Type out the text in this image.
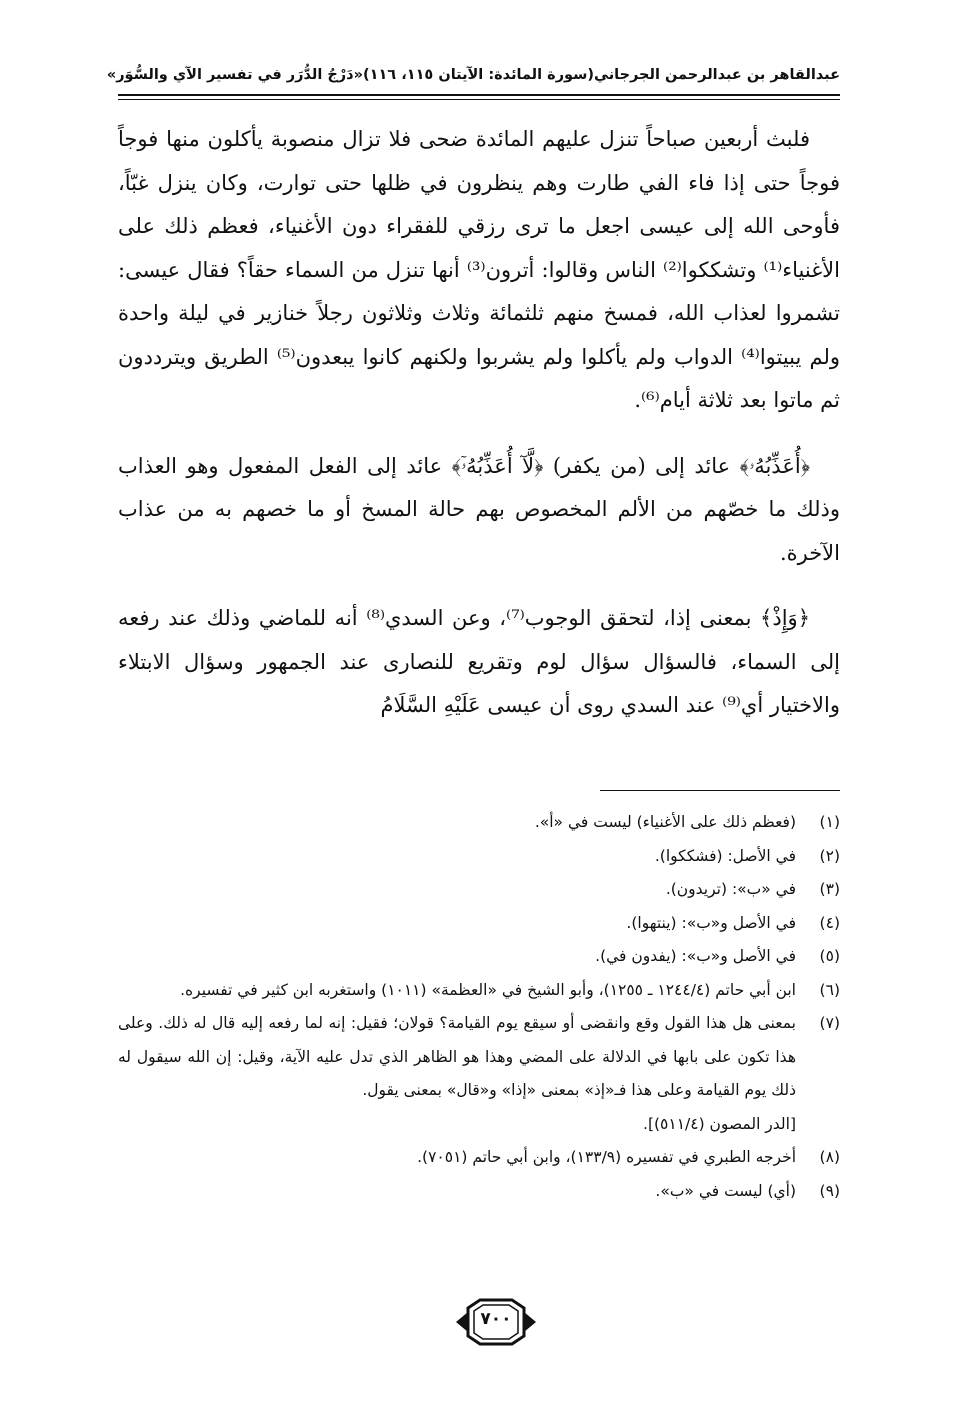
عبدالقاهر بن عبدالرحمن الجرجاني
(سورة المائدة: الآيتان ١١٥، ١١٦)
«دَرْجُ الدُّرَر في تفسير الآي والسُّوَر»

فلبث أربعين صباحاً تنزل عليهم المائدة ضحى فلا تزال منصوبة يأكلون منها فوجاً فوجاً حتى إذا فاء الفي طارت وهم ينظرون في ظلها حتى توارت، وكان ينزل غبّاً، فأوحى الله إلى عيسى اجعل ما ترى رزقي للفقراء دون الأغنياء، فعظم ذلك على الأغنياء⁽¹⁾ وتشككوا⁽²⁾ الناس وقالوا: أترون⁽³⁾ أنها تنزل من السماء حقاً؟ فقال عيسى: تشمروا لعذاب الله، فمسخ منهم ثلثمائة وثلاث وثلاثون رجلاً خنازير في ليلة واحدة ولم يبيتوا⁽⁴⁾ الدواب ولم يأكلوا ولم يشربوا ولكنهم كانوا يبعدون⁽⁵⁾ الطريق ويترددون ثم ماتوا بعد ثلاثة أيام⁽⁶⁾.

﴿أُعَذِّبُهُۥ﴾ عائد إلى (من يكفر) ﴿لَّآ أُعَذِّبُهُۥٓ﴾ عائد إلى الفعل المفعول وهو العذاب وذلك ما خصّهم من الألم المخصوص بهم حالة المسخ أو ما خصهم به من عذاب الآخرة.

﴿وَإِذْ﴾ بمعنى إذا، لتحقق الوجوب⁽⁷⁾، وعن السدي⁽⁸⁾ أنه للماضي وذلك عند رفعه إلى السماء، فالسؤال سؤال لوم وتقريع للنصارى عند الجمهور وسؤال الابتلاء والاختيار أي⁽⁹⁾ عند السدي روى أن عيسى عَلَيْهِ السَّلَامُ

(١)
(فعظم ذلك على الأغنياء) ليست في «أ».
(٢)
في الأصل: (فشككوا).
(٣)
في «ب»: (تريدون).
(٤)
في الأصل و«ب»: (ينتهوا).
(٥)
في الأصل و«ب»: (يفدون في).
(٦)
ابن أبي حاتم (١٢٤٤/٤ ـ ١٢٥٥)، وأبو الشيخ في «العظمة» (١٠١١) واستغربه ابن كثير في تفسيره.
(٧)
بمعنى هل هذا القول وقع وانقضى أو سيقع يوم القيامة؟ قولان؛ فقيل: إنه لما رفعه إليه قال له ذلك. وعلى هذا تكون على بابها في الدلالة على المضي وهذا هو الظاهر الذي تدل عليه الآية، وقيل: إن الله سيقول له ذلك يوم القيامة وعلى هذا فـ«إذ» بمعنى «إذا» و«قال» بمعنى يقول.
[الدر المصون (٥١١/٤)].
(٨)
أخرجه الطبري في تفسيره (١٣٣/٩)، وابن أبي حاتم (٧٠٥١).
(٩)
(أي) ليست في «ب».
٧٠٠
